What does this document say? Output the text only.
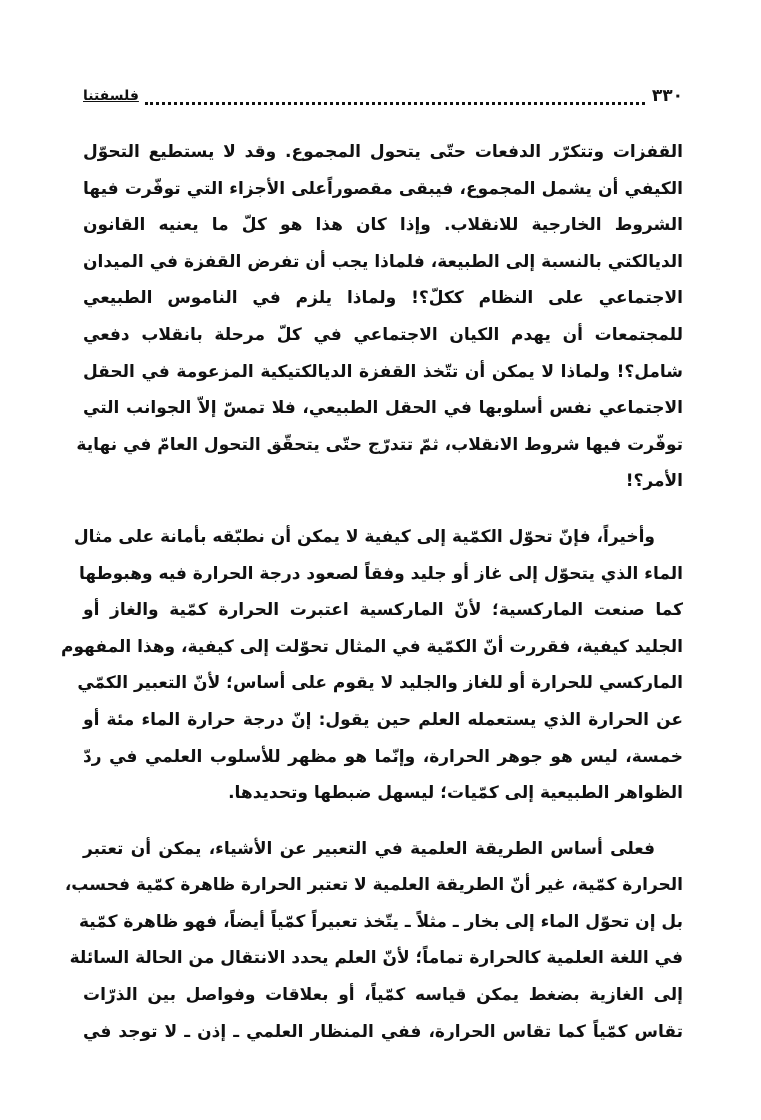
٣٣٠
فلسفتنا
القفزات وتتكرّر الدفعات حتّى يتحول المجموع. وقد لا يستطيع التحوّل
الكيفي أن يشمل المجموع، فيبقى مقصوراًعلى الأجزاء التي توفّرت فيها
الشروط الخارجية للانقلاب. وإذا كان هذا هو كلّ ما يعنيه القانون
الديالكتي بالنسبة إلى الطبيعة، فلماذا يجب أن تفرض القفزة في الميدان
الاجتماعي على النظام ككلّ؟! ولماذا يلزم في الناموس الطبيعي
للمجتمعات أن يهدم الكيان الاجتماعي في كلّ مرحلة بانقلاب دفعي
شامل؟! ولماذا لا يمكن أن تتّخذ القفزة الديالكتيكية المزعومة في الحقل
الاجتماعي نفس أسلوبها في الحقل الطبيعي، فلا تمسّ إلاّ الجوانب التي
توفّرت فيها شروط الانقلاب، ثمّ تتدرّج حتّى يتحقّق التحول العامّ في نهاية
الأمر؟!
وأخيراً، فإنّ تحوّل الكمّية إلى كيفية لا يمكن أن نطبّقه بأمانة على مثال
الماء الذي يتحوّل إلى غاز أو جليد وفقاً لصعود درجة الحرارة فيه وهبوطها
كما صنعت الماركسية؛ لأنّ الماركسية اعتبرت الحرارة كمّية والغاز أو
الجليد كيفية، فقررت أنّ الكمّية في المثال تحوّلت إلى كيفية، وهذا المفهوم
الماركسي للحرارة أو للغاز والجليد لا يقوم على أساس؛ لأنّ التعبير الكمّي
عن الحرارة الذي يستعمله العلم حين يقول: إنّ درجة حرارة الماء مئة أو
خمسة، ليس هو جوهر الحرارة، وإنّما هو مظهر للأسلوب العلمي في ردّ
الظواهر الطبيعية إلى كمّيات؛ ليسهل ضبطها وتحديدها.
فعلى أساس الطريقة العلمية في التعبير عن الأشياء، يمكن أن تعتبر
الحرارة كمّية، غير أنّ الطريقة العلمية لا تعتبر الحرارة ظاهرة كمّية فحسب،
بل إن تحوّل الماء إلى بخار ـ مثلاً ـ يتّخذ تعبيراً كمّياً أيضاً، فهو ظاهرة كمّية
في اللغة العلمية كالحرارة تماماً؛ لأنّ العلم يحدد الانتقال من الحالة السائلة
إلى الغازية بضغط يمكن قياسه كمّياً، أو بعلاقات وفواصل بين الذرّات
تقاس كمّياً كما تقاس الحرارة، ففي المنظار العلمي ـ إذن ـ لا توجد في
